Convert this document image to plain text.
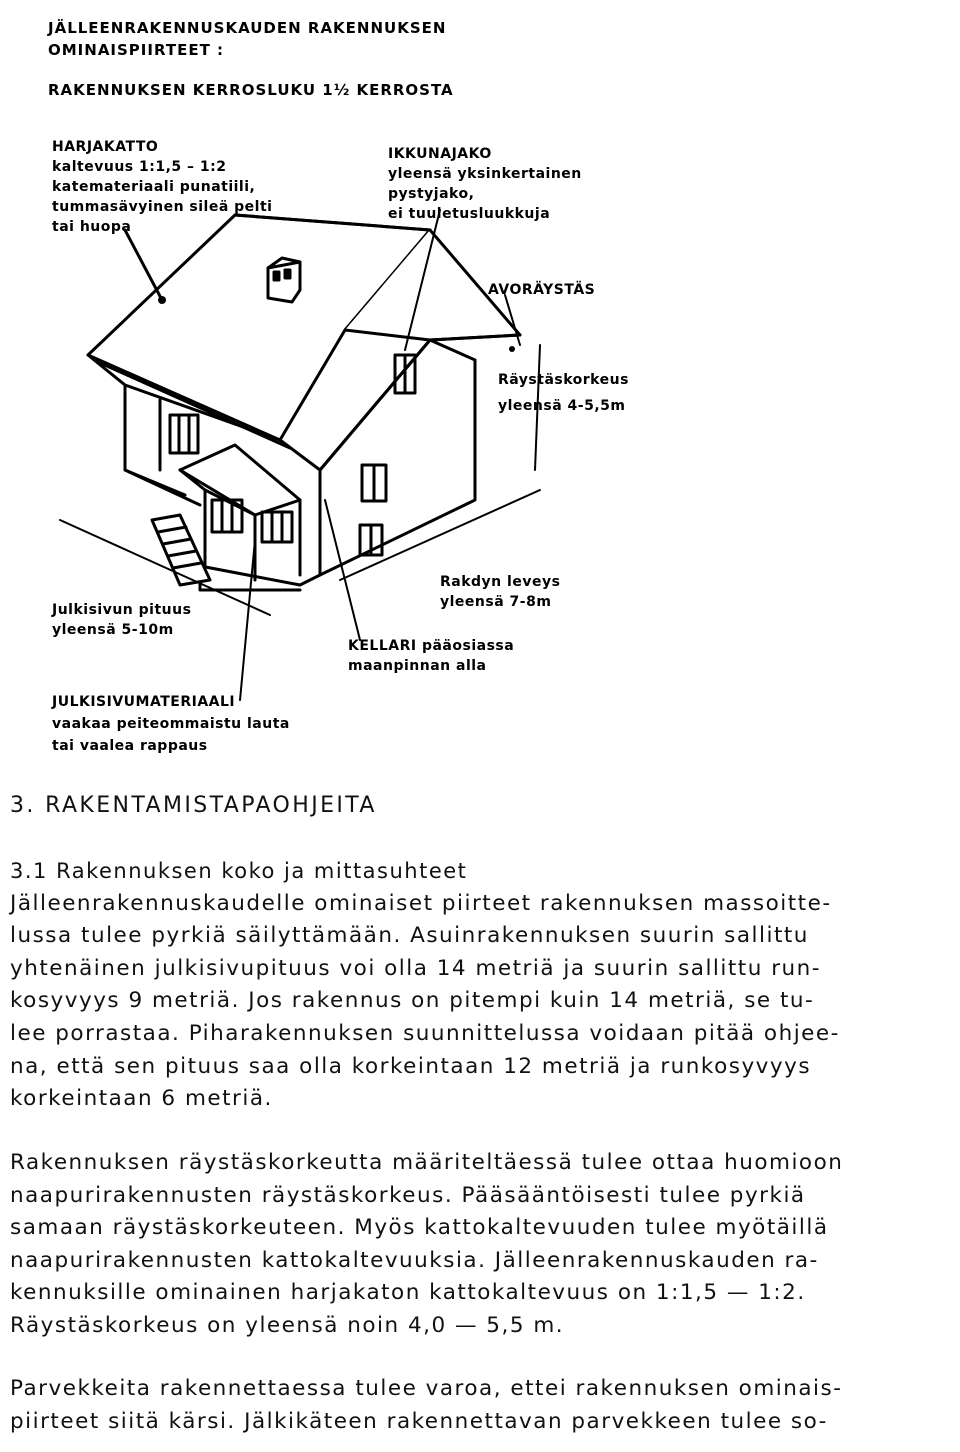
JÄLLEENRAKENNUSKAUDEN RAKENNUKSEN
OMINAISPIIRTEET :
RAKENNUKSEN KERROSLUKU 1½ KERROSTA
HARJAKATTO
kaltevuus 1:1,5 – 1:2
katemateriaali punatiili,
tummasävyinen sileä pelti
tai huopa
IKKUNAJAKO
yleensä yksinkertainen
pystyjako,
ei tuuletusluukkuja
AVORÄYSTÄS
Räystäskorkeus
yleensä 4-5,5m
Rakdyn leveys
yleensä 7-8m
Julkisivun pituus
yleensä 5-10m
KELLARI pääosiassa
maanpinnan alla
JULKISIVUMATERIAALI
vaakaa peiteommaistu lauta
tai vaalea rappaus
3. RAKENTAMISTAPAOHJEITA
3.1 Rakennuksen koko ja mittasuhteet
Jälleenrakennuskaudelle ominaiset piirteet rakennuksen massoitte-
lussa tulee pyrkiä säilyttämään. Asuinrakennuksen suurin sallittu
yhtenäinen julkisivupituus voi olla 14 metriä ja suurin sallittu run-
kosyvyys 9 metriä. Jos rakennus on pitempi kuin 14 metriä, se tu-
lee porrastaa. Piharakennuksen suunnittelussa voidaan pitää ohjee-
na, että sen pituus saa olla korkeintaan 12 metriä ja runkosyvyys
korkeintaan 6 metriä.
Rakennuksen räystäskorkeutta määriteltäessä tulee ottaa huomioon
naapurirakennusten räystäskorkeus. Pääsääntöisesti tulee pyrkiä
samaan räystäskorkeuteen. Myös kattokaltevuuden tulee myötäillä
naapurirakennusten kattokaltevuuksia. Jälleenrakennuskauden ra-
kennuksille ominainen harjakaton kattokaltevuus on 1:1,5 — 1:2.
Räystäskorkeus on yleensä noin 4,0 — 5,5 m.
Parvekkeita rakennettaessa tulee varoa, ettei rakennuksen ominais-
piirteet siitä kärsi. Jälkikäteen rakennettavan parvekkeen tulee so-
